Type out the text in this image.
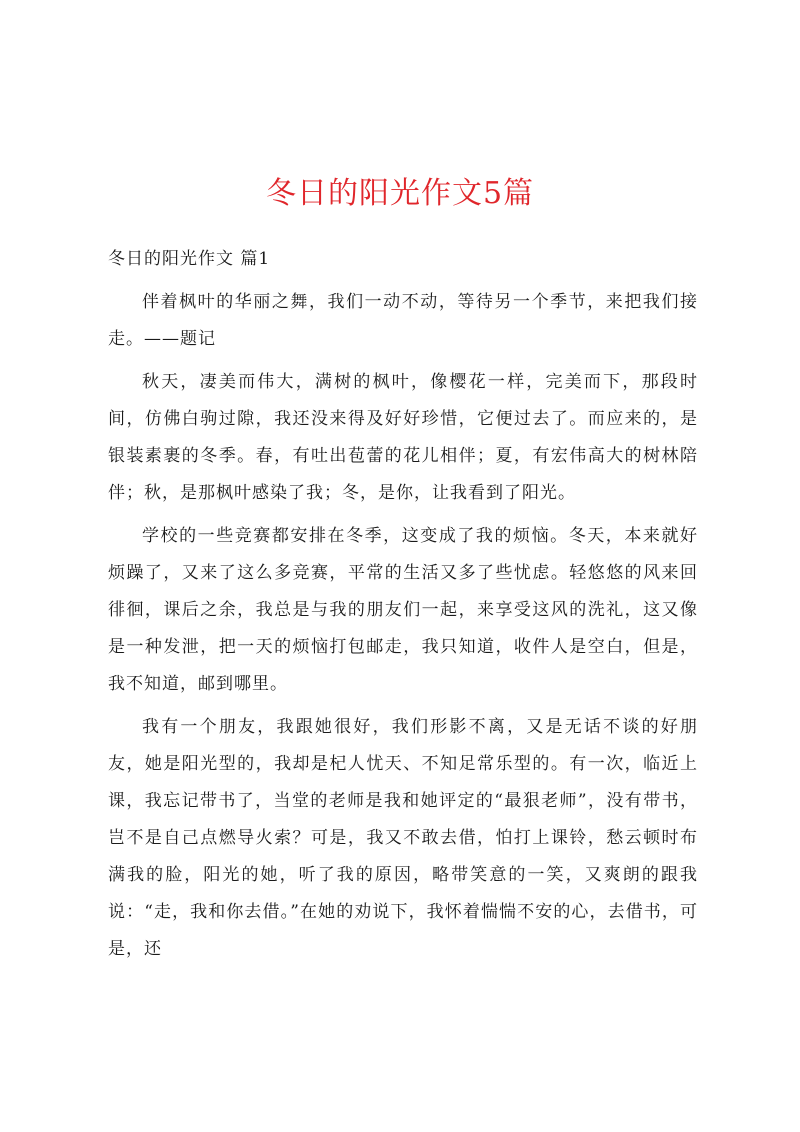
冬日的阳光作文5篇
冬日的阳光作文 篇1

伴着枫叶的华丽之舞，我们一动不动，等待另一个季节，来把我们接走。——题记

秋天，凄美而伟大，满树的枫叶，像樱花一样，完美而下，那段时间，仿佛白驹过隙，我还没来得及好好珍惜，它便过去了。而应来的，是银装素裹的冬季。春，有吐出苞蕾的花儿相伴；夏，有宏伟高大的树林陪伴；秋，是那枫叶感染了我；冬，是你，让我看到了阳光。

学校的一些竞赛都安排在冬季，这变成了我的烦恼。冬天，本来就好烦躁了，又来了这么多竞赛，平常的生活又多了些忧虑。轻悠悠的风来回徘徊，课后之余，我总是与我的朋友们一起，来享受这风的洗礼，这又像是一种发泄，把一天的烦恼打包邮走，我只知道，收件人是空白，但是，我不知道，邮到哪里。

我有一个朋友，我跟她很好，我们形影不离，又是无话不谈的好朋友，她是阳光型的，我却是杞人忧天、不知足常乐型的。有一次，临近上课，我忘记带书了，当堂的老师是我和她评定的“最狠老师”，没有带书，岂不是自己点燃导火索？可是，我又不敢去借，怕打上课铃，愁云顿时布满我的脸，阳光的她，听了我的原因，略带笑意的一笑，又爽朗的跟我说：“走，我和你去借。”在她的劝说下，我怀着惴惴不安的心，去借书，可是，还
